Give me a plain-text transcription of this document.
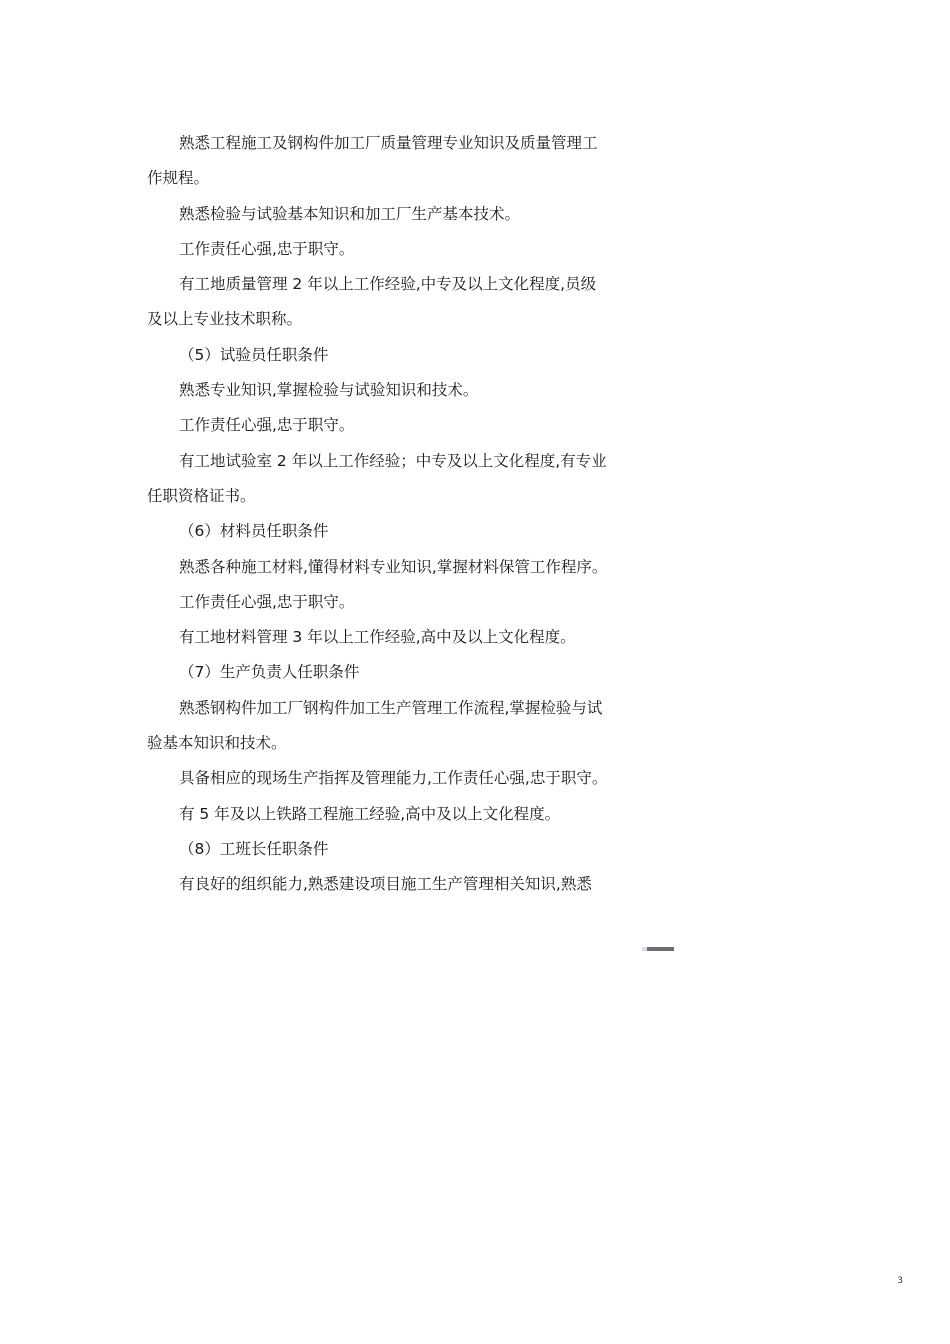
熟悉工程施工及钢构件加工厂质量管理专业知识及质量管理工
作规程。
熟悉检验与试验基本知识和加工厂生产基本技术。
工作责任心强,忠于职守。
有工地质量管理 2 年以上工作经验,中专及以上文化程度,员级
及以上专业技术职称。
（5）试验员任职条件
熟悉专业知识,掌握检验与试验知识和技术。
工作责任心强,忠于职守。
有工地试验室 2 年以上工作经验；中专及以上文化程度,有专业
任职资格证书。
（6）材料员任职条件
熟悉各种施工材料,懂得材料专业知识,掌握材料保管工作程序。
工作责任心强,忠于职守。
有工地材料管理 3 年以上工作经验,高中及以上文化程度。
（7）生产负责人任职条件
熟悉钢构件加工厂钢构件加工生产管理工作流程,掌握检验与试
验基本知识和技术。
具备相应的现场生产指挥及管理能力,工作责任心强,忠于职守。
有 5 年及以上铁路工程施工经验,高中及以上文化程度。
（8）工班长任职条件
有良好的组织能力,熟悉建设项目施工生产管理相关知识,熟悉
3
